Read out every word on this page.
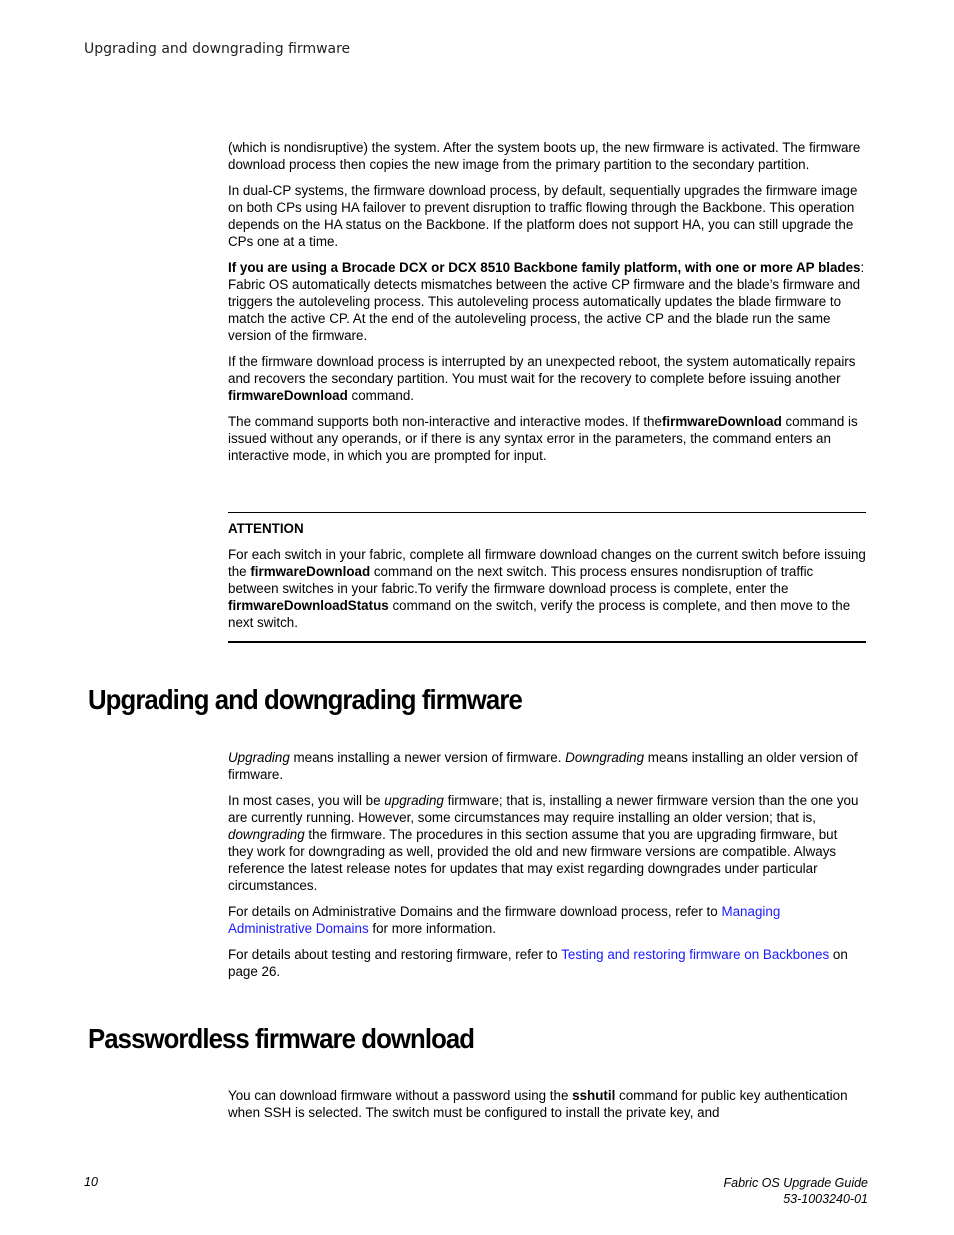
Upgrading and downgrading firmware

(which is nondisruptive) the system. After the system boots up, the new firmware is activated. The firmware download process then copies the new image from the primary partition to the secondary partition.

In dual-CP systems, the firmware download process, by default, sequentially upgrades the firmware image on both CPs using HA failover to prevent disruption to traffic flowing through the Backbone. This operation depends on the HA status on the Backbone. If the platform does not support HA, you can still upgrade the CPs one at a time.

If you are using a Brocade DCX or DCX 8510 Backbone family platform, with one or more AP blades: Fabric OS automatically detects mismatches between the active CP firmware and the blade’s firmware and triggers the autoleveling process. This autoleveling process automatically updates the blade firmware to match the active CP. At the end of the autoleveling process, the active CP and the blade run the same version of the firmware.

If the firmware download process is interrupted by an unexpected reboot, the system automatically repairs and recovers the secondary partition. You must wait for the recovery to complete before issuing another firmwareDownload command.

The command supports both non-interactive and interactive modes. If thefirmwareDownload command is issued without any operands, or if there is any syntax error in the parameters, the command enters an interactive mode, in which you are prompted for input.

ATTENTION

For each switch in your fabric, complete all firmware download changes on the current switch before issuing the firmwareDownload command on the next switch. This process ensures nondisruption of traffic between switches in your fabric.To verify the firmware download process is complete, enter the firmwareDownloadStatus command on the switch, verify the process is complete, and then move to the next switch.

Upgrading and downgrading firmware

Upgrading means installing a newer version of firmware. Downgrading means installing an older version of firmware.

In most cases, you will be upgrading firmware; that is, installing a newer firmware version than the one you are currently running. However, some circumstances may require installing an older version; that is, downgrading the firmware. The procedures in this section assume that you are upgrading firmware, but they work for downgrading as well, provided the old and new firmware versions are compatible. Always reference the latest release notes for updates that may exist regarding downgrades under particular circumstances.

For details on Administrative Domains and the firmware download process, refer to Managing Administrative Domains for more information.

For details about testing and restoring firmware, refer to Testing and restoring firmware on Backbones on page 26.

Passwordless firmware download

You can download firmware without a password using the sshutil command for public key authentication when SSH is selected. The switch must be configured to install the private key, and

10	Fabric OS Upgrade Guide
53-1003240-01
